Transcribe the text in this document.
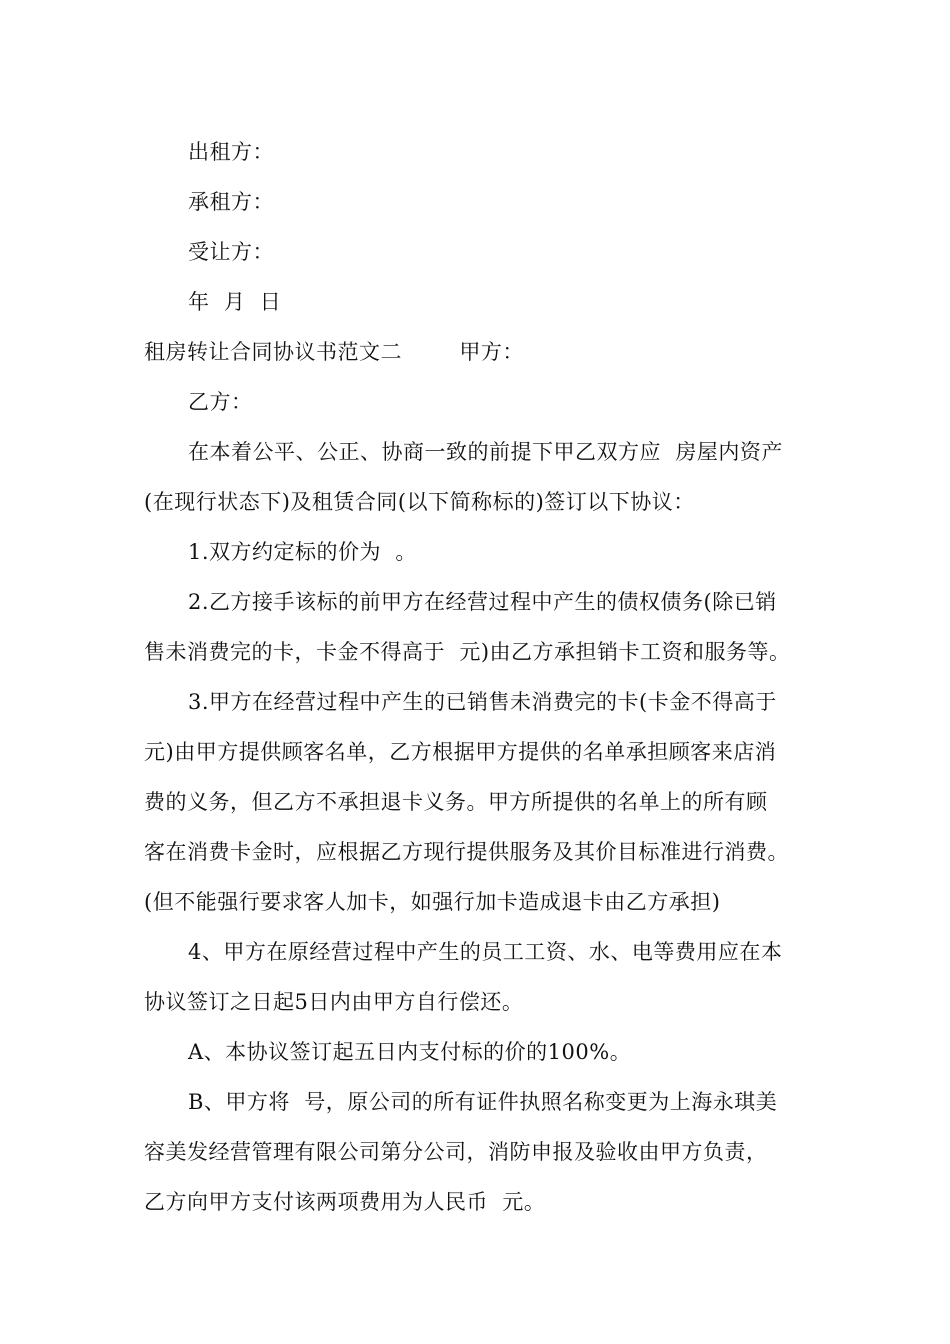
出租方：
承租方：
受让方：
年  月  日
租房转让合同协议书范文二        甲方：
乙方：
在本着公平、公正、协商一致的前提下甲乙双方应  房屋内资产
(在现行状态下)及租赁合同(以下简称标的)签订以下协议：
1.双方约定标的价为  。
2.乙方接手该标的前甲方在经营过程中产生的债权债务(除已销
售未消费完的卡，卡金不得高于  元)由乙方承担销卡工资和服务等。
3.甲方在经营过程中产生的已销售未消费完的卡(卡金不得高于
元)由甲方提供顾客名单，乙方根据甲方提供的名单承担顾客来店消
费的义务，但乙方不承担退卡义务。甲方所提供的名单上的所有顾
客在消费卡金时，应根据乙方现行提供服务及其价目标准进行消费。
(但不能强行要求客人加卡，如强行加卡造成退卡由乙方承担)
4、甲方在原经营过程中产生的员工工资、水、电等费用应在本
协议签订之日起5日内由甲方自行偿还。
A、本协议签订起五日内支付标的价的100%。
B、甲方将  号，原公司的所有证件执照名称变更为上海永琪美
容美发经营管理有限公司第分公司，消防申报及验收由甲方负责，
乙方向甲方支付该两项费用为人民币  元。
